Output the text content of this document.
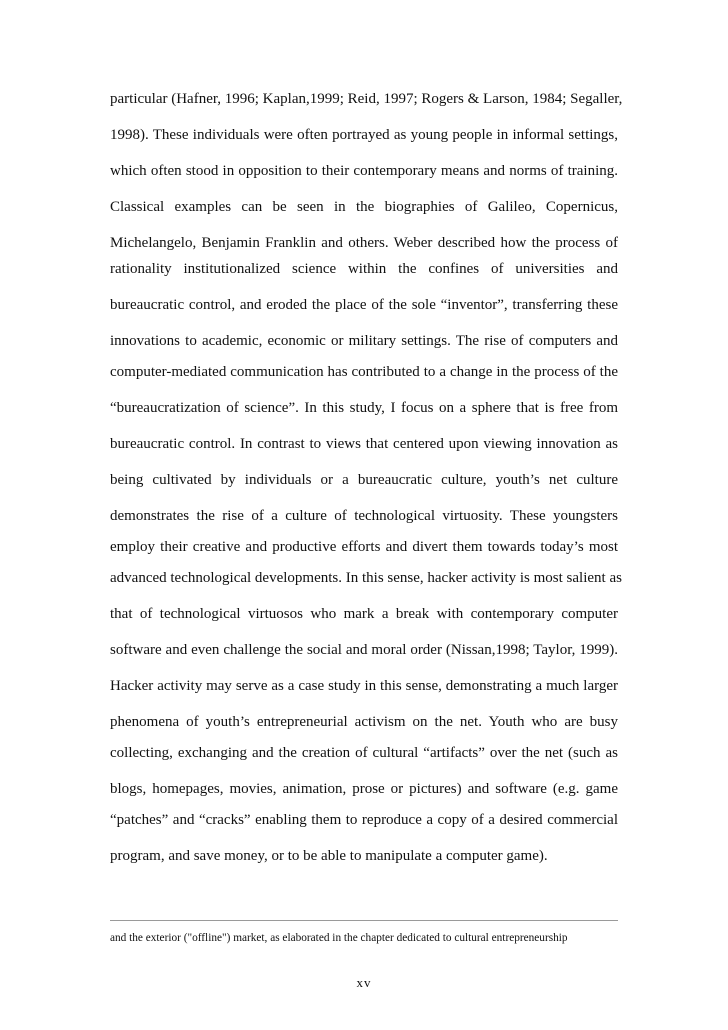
particular (Hafner, 1996; Kaplan,1999; Reid, 1997; Rogers & Larson, 1984; Segaller,
1998). These individuals were often portrayed as young people in informal settings,
which often stood in opposition to their contemporary means and norms of training.
Classical examples can be seen in the biographies of Galileo, Copernicus,
Michelangelo, Benjamin Franklin and others. Weber described how the process of
rationality institutionalized science within the confines of universities and
bureaucratic control, and eroded the place of the sole “inventor”, transferring these
innovations to academic, economic or military settings. The rise of computers and
computer-mediated communication has contributed to a change in the process of the
“bureaucratization of science”. In this study, I focus on a sphere that is free from
bureaucratic control. In contrast to views that centered upon viewing innovation as
being cultivated by individuals or a bureaucratic culture, youth’s net culture
demonstrates the rise of a culture of technological virtuosity. These youngsters
employ their creative and productive efforts and divert them towards today’s most
advanced technological developments. In this sense, hacker activity is most salient as
that of technological virtuosos who mark a break with contemporary computer
software and even challenge the social and moral order (Nissan,1998; Taylor, 1999).
Hacker activity may serve as a case study in this sense, demonstrating a much larger
phenomena of youth’s entrepreneurial activism on the net. Youth who are busy
collecting, exchanging and the creation of cultural “artifacts” over the net (such as
blogs, homepages, movies, animation, prose or pictures) and software (e.g. game
“patches” and “cracks” enabling them to reproduce a copy of a desired commercial
program, and save money, or to be able to manipulate a computer game).
and the exterior ("offline") market, as elaborated in the chapter dedicated to cultural entrepreneurship
xv
